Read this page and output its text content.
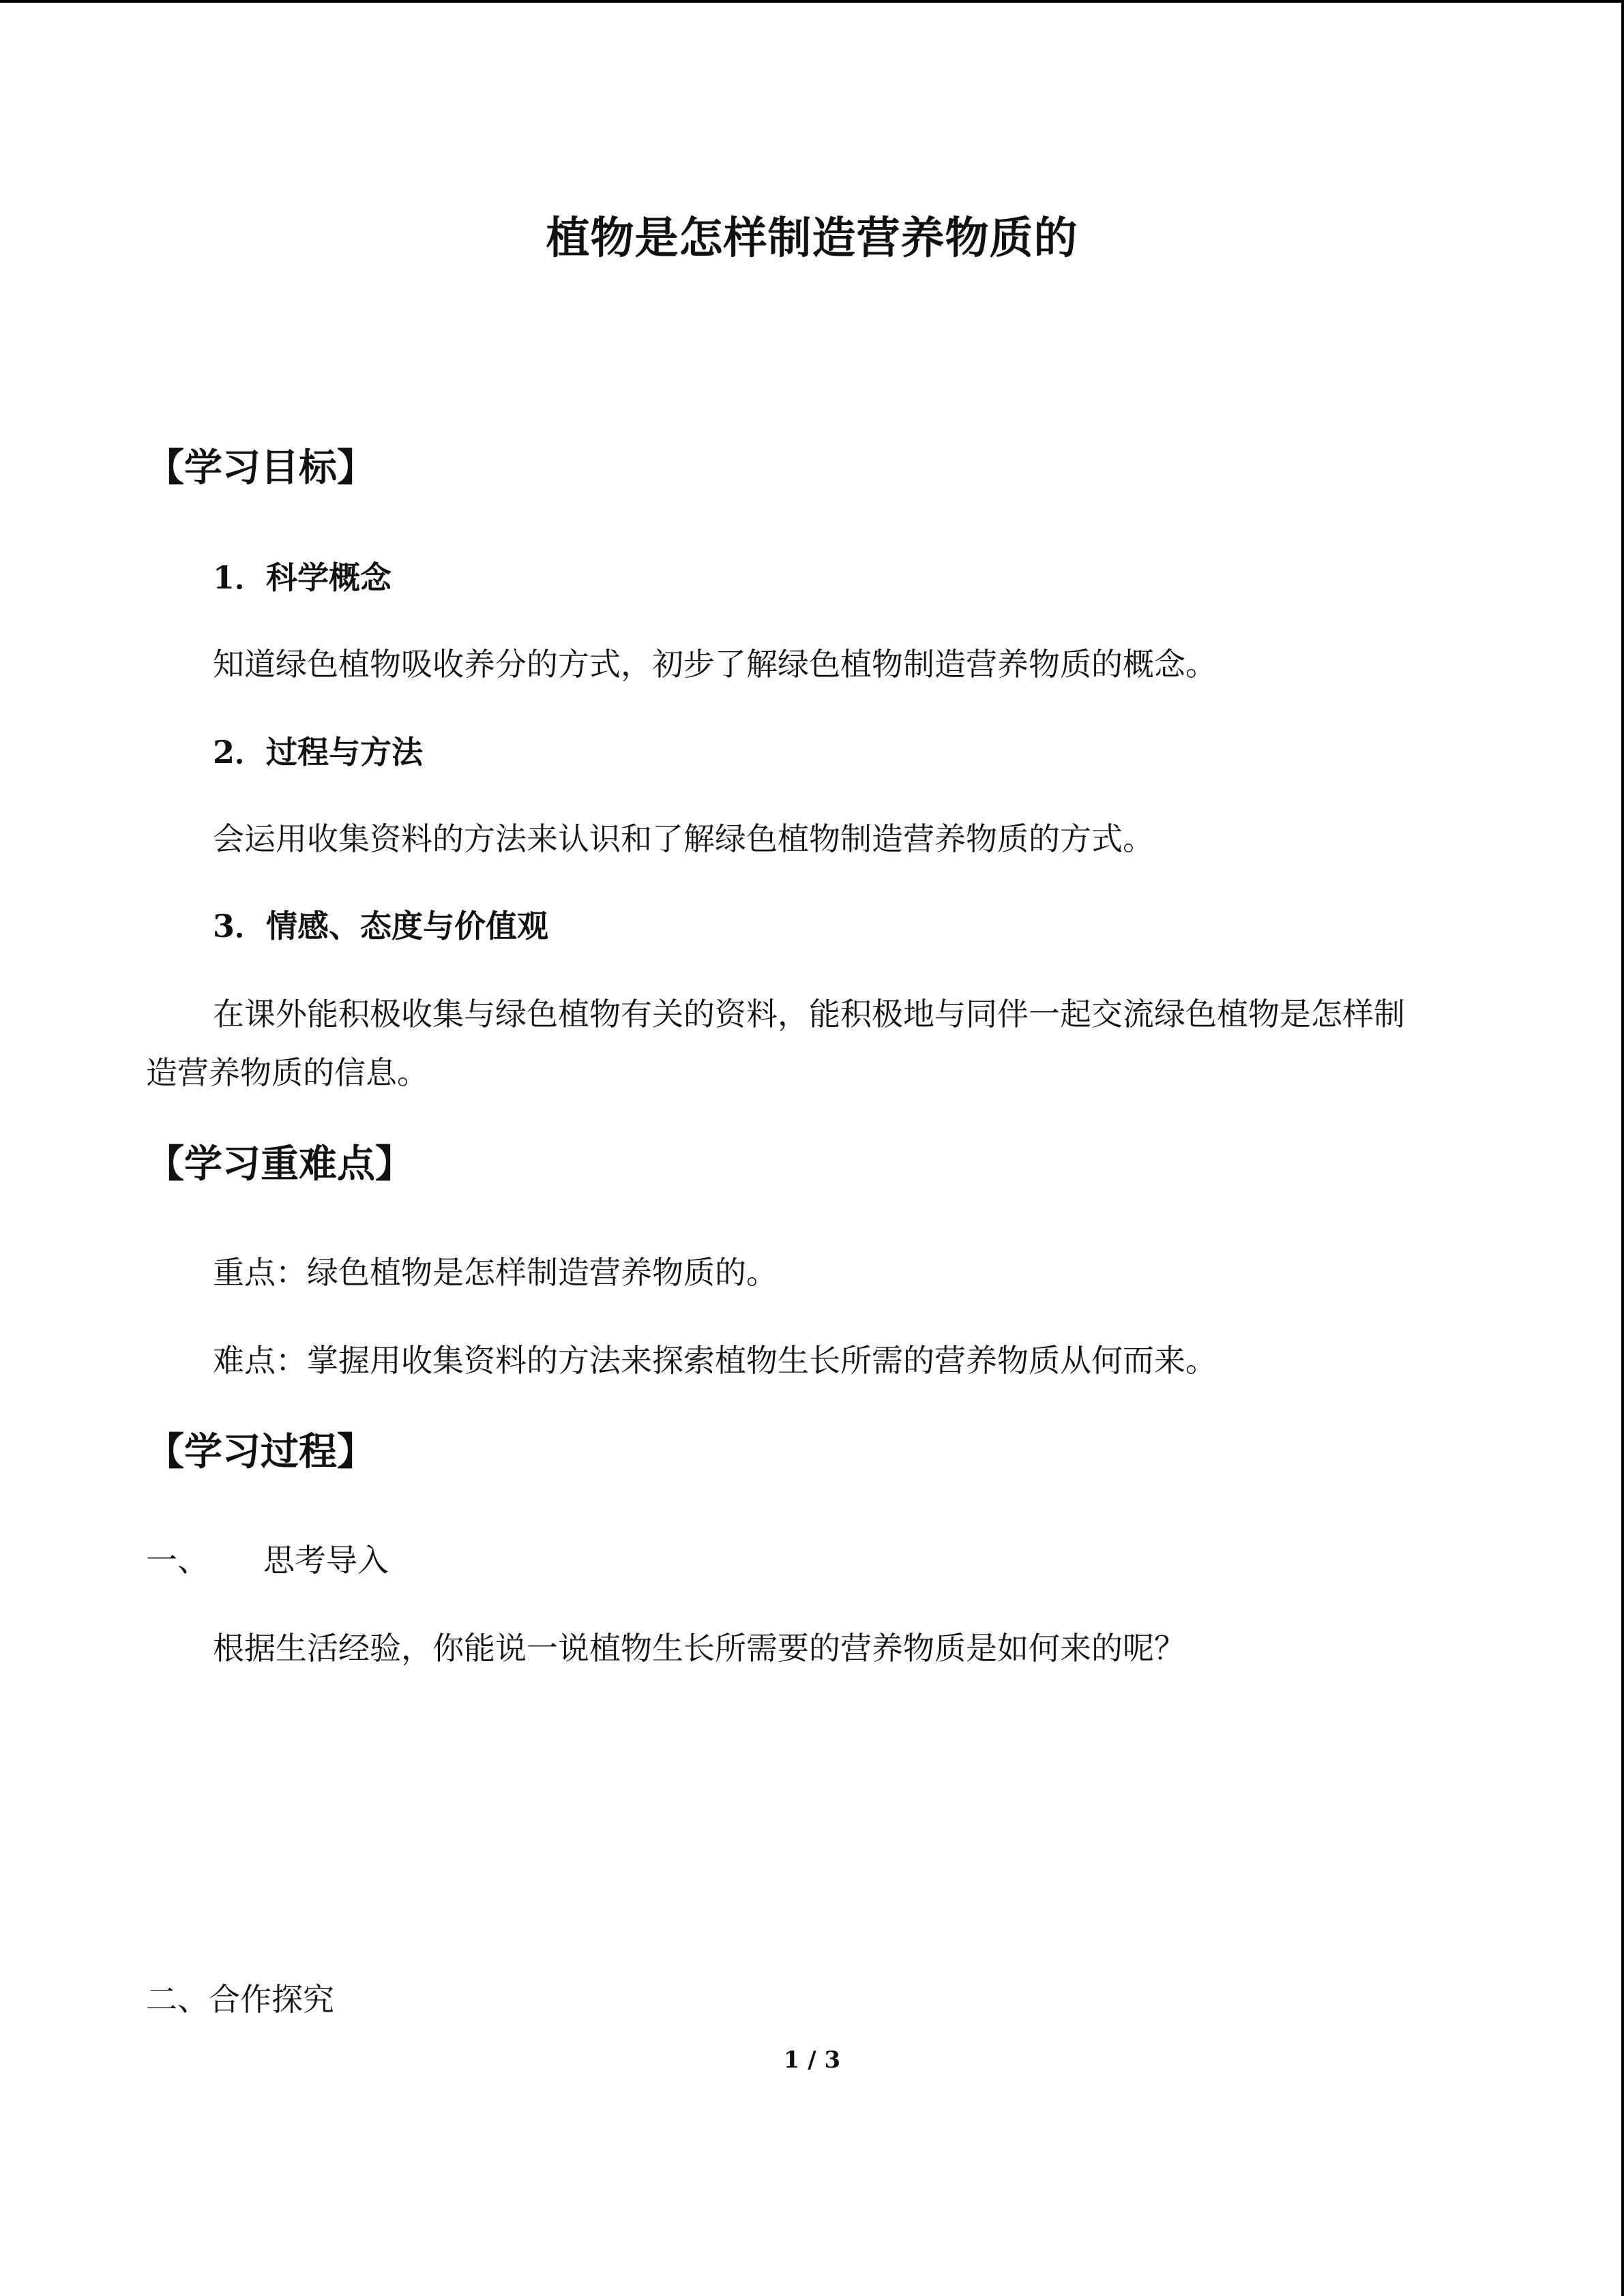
植物是怎样制造营养物质的
【学习目标】
1．科学概念
知道绿色植物吸收养分的方式，初步了解绿色植物制造营养物质的概念。
2．过程与方法
会运用收集资料的方法来认识和了解绿色植物制造营养物质的方式。
3．情感、态度与价值观
在课外能积极收集与绿色植物有关的资料，能积极地与同伴一起交流绿色植物是怎样制
造营养物质的信息。
【学习重难点】
重点：绿色植物是怎样制造营养物质的。
难点：掌握用收集资料的方法来探索植物生长所需的营养物质从何而来。
【学习过程】
一、 思考导入
根据生活经验，你能说一说植物生长所需要的营养物质是如何来的呢？
二、合作探究
1 / 3
